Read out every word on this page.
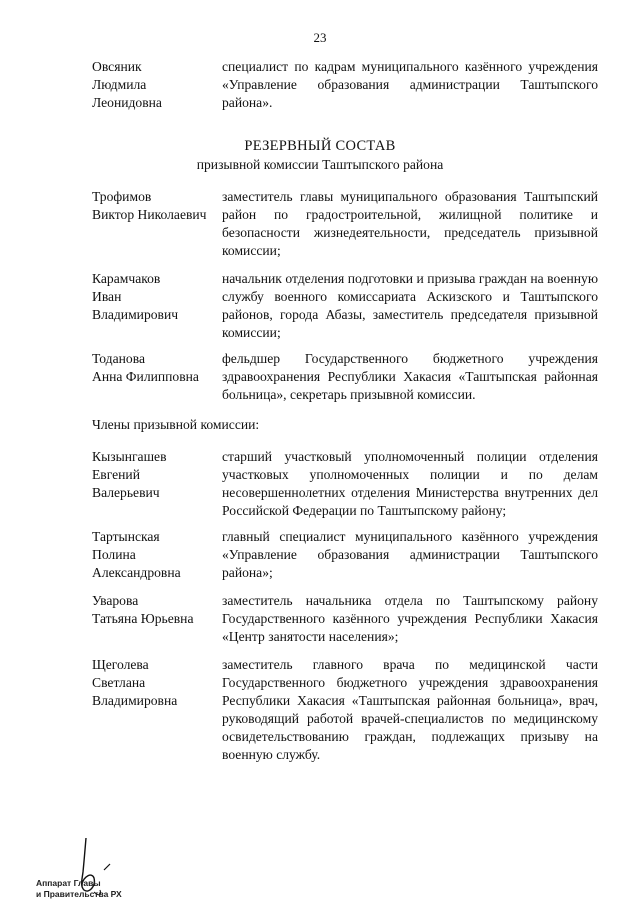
23
Овсяник
Людмила
Леонидовна
специалист по кадрам муниципального казённого учреждения «Управление образования администрации Таштыпского района».
РЕЗЕРВНЫЙ СОСТАВ
призывной комиссии Таштыпского района
Трофимов
Виктор Николаевич
заместитель главы муниципального образования Таштыпский район по градостроительной, жилищной политике и безопасности жизнедеятельности, председатель призывной комиссии;
Карамчаков
Иван
Владимирович
начальник отделения подготовки и призыва граждан на военную службу военного комиссариата Аскизского и Таштыпского районов, города Абазы, заместитель председателя призывной комиссии;
Тоданова
Анна Филипповна
фельдшер Государственного бюджетного учреждения здравоохранения Республики Хакасия «Таштыпская районная больница», секретарь призывной комиссии.
Члены призывной комиссии:
Кызынгашев
Евгений
Валерьевич
старший участковый уполномоченный полиции отделения участковых уполномоченных полиции и по делам несовершеннолетних отделения Министерства внутренних дел Российской Федерации по Таштыпскому району;
Тартынская
Полина
Александровна
главный специалист муниципального казённого учреждения «Управление образования администрации Таштыпского района»;
Уварова
Татьяна Юрьевна
заместитель начальника отдела по Таштыпскому району Государственного казённого учреждения Республики Хакасия «Центр занятости населения»;
Щеголева
Светлана
Владимировна
заместитель главного врача по медицинской части Государственного бюджетного учреждения здравоохранения Республики Хакасия «Таштыпская районная больница», врач, руководящий работой врачей-специалистов по медицинскому освидетельствованию граждан, подлежащих призыву на военную службу.
Аппарат Главы
и Правительства РХ
